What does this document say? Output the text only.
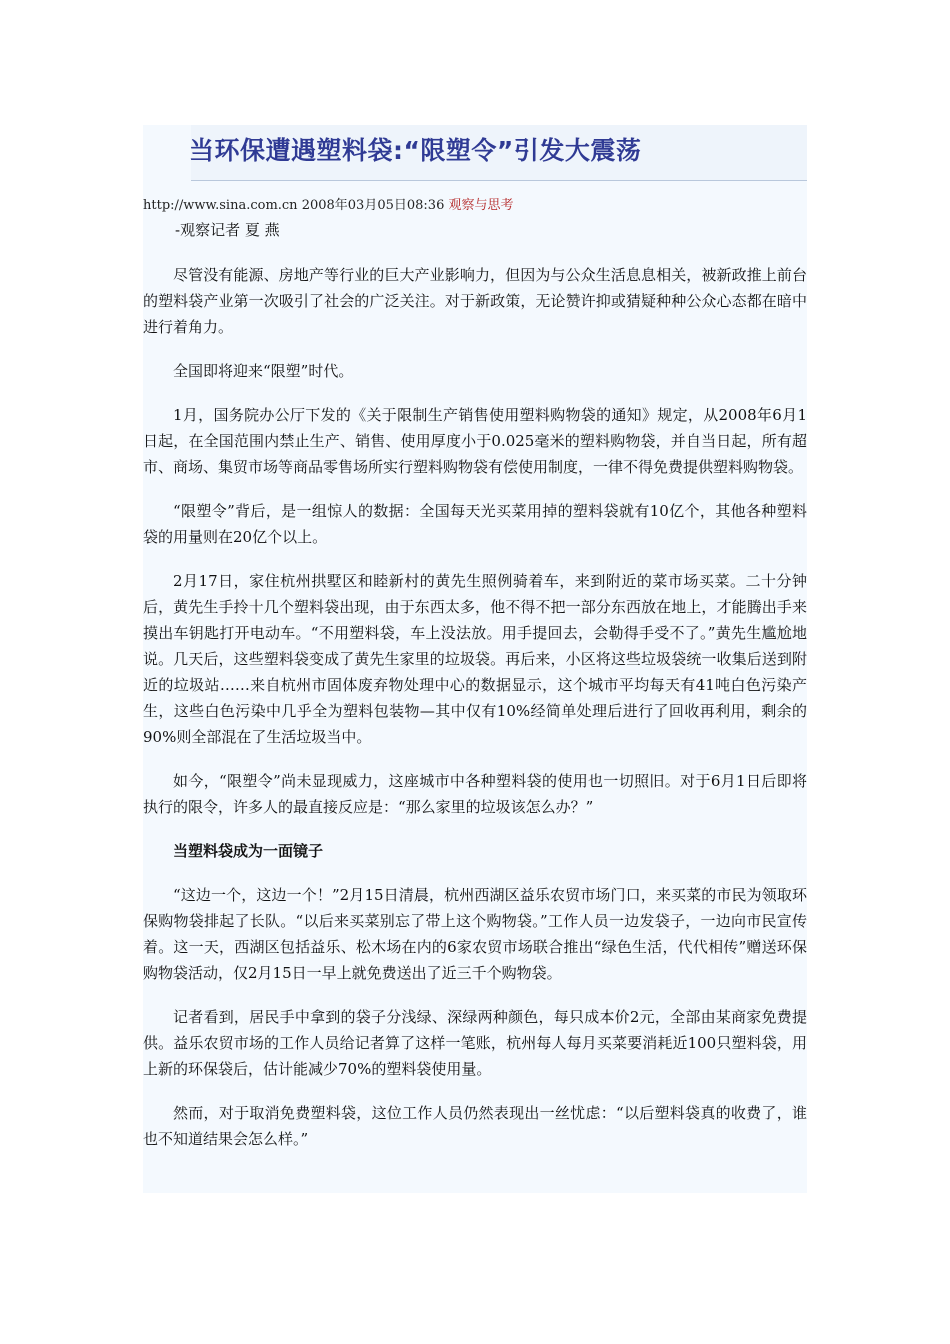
当环保遭遇塑料袋:“限塑令”引发大震荡
http://www.sina.com.cn 2008年03月05日08:36 观察与思考
-观察记者 夏 燕

尽管没有能源、房地产等行业的巨大产业影响力，但因为与公众生活息息相关，被新政推上前台的塑料袋产业第一次吸引了社会的广泛关注。对于新政策，无论赞许抑或猜疑种种公众心态都在暗中进行着角力。

全国即将迎来“限塑”时代。

1月，国务院办公厅下发的《关于限制生产销售使用塑料购物袋的通知》规定，从2008年6月1日起，在全国范围内禁止生产、销售、使用厚度小于0.025毫米的塑料购物袋，并自当日起，所有超市、商场、集贸市场等商品零售场所实行塑料购物袋有偿使用制度，一律不得免费提供塑料购物袋。

“限塑令”背后，是一组惊人的数据：全国每天光买菜用掉的塑料袋就有10亿个，其他各种塑料袋的用量则在20亿个以上。

2月17日，家住杭州拱墅区和睦新村的黄先生照例骑着车，来到附近的菜市场买菜。二十分钟后，黄先生手拎十几个塑料袋出现，由于东西太多，他不得不把一部分东西放在地上，才能腾出手来摸出车钥匙打开电动车。“不用塑料袋，车上没法放。用手提回去，会勒得手受不了。”黄先生尴尬地说。几天后，这些塑料袋变成了黄先生家里的垃圾袋。再后来，小区将这些垃圾袋统一收集后送到附近的垃圾站……来自杭州市固体废弃物处理中心的数据显示，这个城市平均每天有41吨白色污染产生，这些白色污染中几乎全为塑料包装物—其中仅有10%经简单处理后进行了回收再利用，剩余的90%则全部混在了生活垃圾当中。

如今，“限塑令”尚未显现威力，这座城市中各种塑料袋的使用也一切照旧。对于6月1日后即将执行的限令，许多人的最直接反应是：“那么家里的垃圾该怎么办？”

当塑料袋成为一面镜子

“这边一个，这边一个！”2月15日清晨，杭州西湖区益乐农贸市场门口，来买菜的市民为领取环保购物袋排起了长队。“以后来买菜别忘了带上这个购物袋。”工作人员一边发袋子，一边向市民宣传着。这一天，西湖区包括益乐、松木场在内的6家农贸市场联合推出“绿色生活，代代相传”赠送环保购物袋活动，仅2月15日一早上就免费送出了近三千个购物袋。

记者看到，居民手中拿到的袋子分浅绿、深绿两种颜色，每只成本价2元，全部由某商家免费提供。益乐农贸市场的工作人员给记者算了这样一笔账，杭州每人每月买菜要消耗近100只塑料袋，用上新的环保袋后，估计能减少70%的塑料袋使用量。

然而，对于取消免费塑料袋，这位工作人员仍然表现出一丝忧虑：“以后塑料袋真的收费了，谁也不知道结果会怎么样。”
